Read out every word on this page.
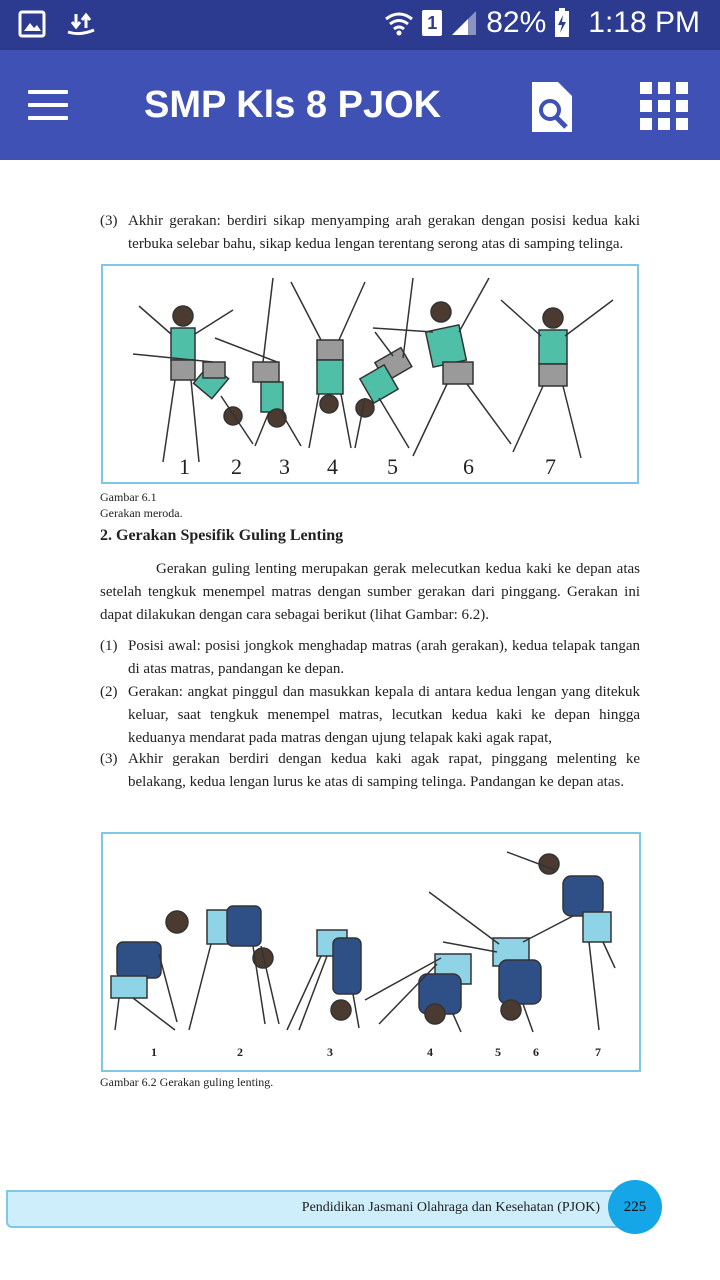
1 82% 1:18 PM
SMP Kls 8 PJOK
(3) Akhir gerakan: berdiri sikap menyamping arah gerakan dengan posisi kedua kaki terbuka selebar bahu, sikap kedua lengan terentang serong atas di samping telinga.
1 2 3 4 5	6	7
Gambar 6.1
Gerakan meroda.
2. Gerakan Spesifik Guling Lenting
Gerakan guling lenting merupakan gerak melecutkan kedua kaki ke depan atas setelah tengkuk menempel matras dengan sumber gerakan dari pinggang. Gerakan ini dapat dilakukan dengan cara sebagai berikut (lihat Gambar: 6.2).
(1) Posisi awal: posisi jongkok menghadap matras (arah gerakan), kedua telapak tangan di atas matras, pandangan ke depan.
(2) Gerakan: angkat pinggul dan masukkan kepala di antara kedua lengan yang ditekuk keluar, saat tengkuk menempel matras, lecutkan kedua kaki ke depan hingga keduanya mendarat pada matras dengan ujung telapak kaki agak rapat,
(3) Akhir gerakan berdiri dengan kedua kaki agak rapat, pinggang melenting ke belakang, kedua lengan lurus ke atas di samping telinga. Pandangan ke depan atas.
1	2	3	4	5	6	7
Gambar 6.2 Gerakan guling lenting.
Pendidikan Jasmani Olahraga dan Kesehatan (PJOK)	225
